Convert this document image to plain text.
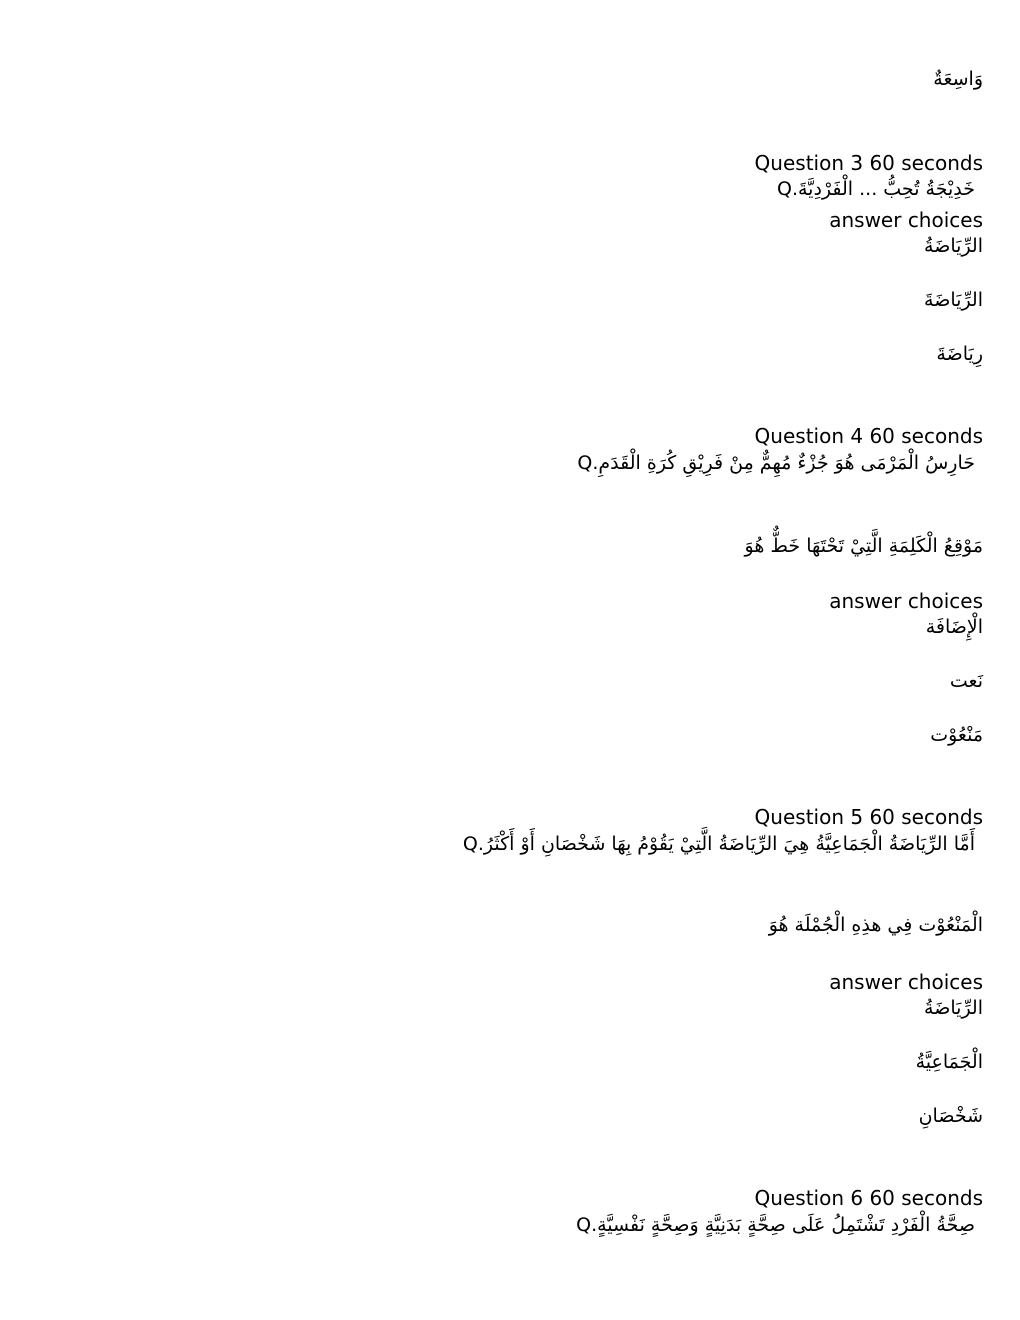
وَاسِعَةٌ
Question 3 60 seconds
Q.خَدِيْجَةُ تُحِبُّ ... الْفَرْدِيَّةَ
answer choices
الرِّيَاضَةُ
الرِّيَاضَةَ
رِيَاضَةَ
Question 4 60 seconds
Q.حَارِسُ الْمَرْمَى هُوَ جُزْءٌ مُهِمٌّ مِنْ فَرِيْقِ كُرَةِ الْقَدَمِ
مَوْقِعُ الْكَلِمَةِ الَّتِيْ تَحْتَهَا خَطٌّ هُوَ
answer choices
الْإِضَافَة
نَعت
مَنْعُوْت
Question 5 60 seconds
Q.أَمَّا الرِّيَاضَةُ الْجَمَاعِيَّةُ هِيَ الرِّيَاضَةُ الَّتِيْ يَقُوْمُ بِهَا شَخْصَانِ أَوْ أَكْثَرُ
الْمَنْعُوْت فِي هذِهِ الْجُمْلَة هُوَ
answer choices
الرِّيَاضَةُ
الْجَمَاعِيَّةُ
شَخْصَانِ
Question 6 60 seconds
Q.صِحَّةُ الْفَرْدِ تَشْتَمِلُ عَلَى صِحَّةٍ بَدَنِيَّةٍ وَصِحَّةٍ نَفْسِيَّةٍ
